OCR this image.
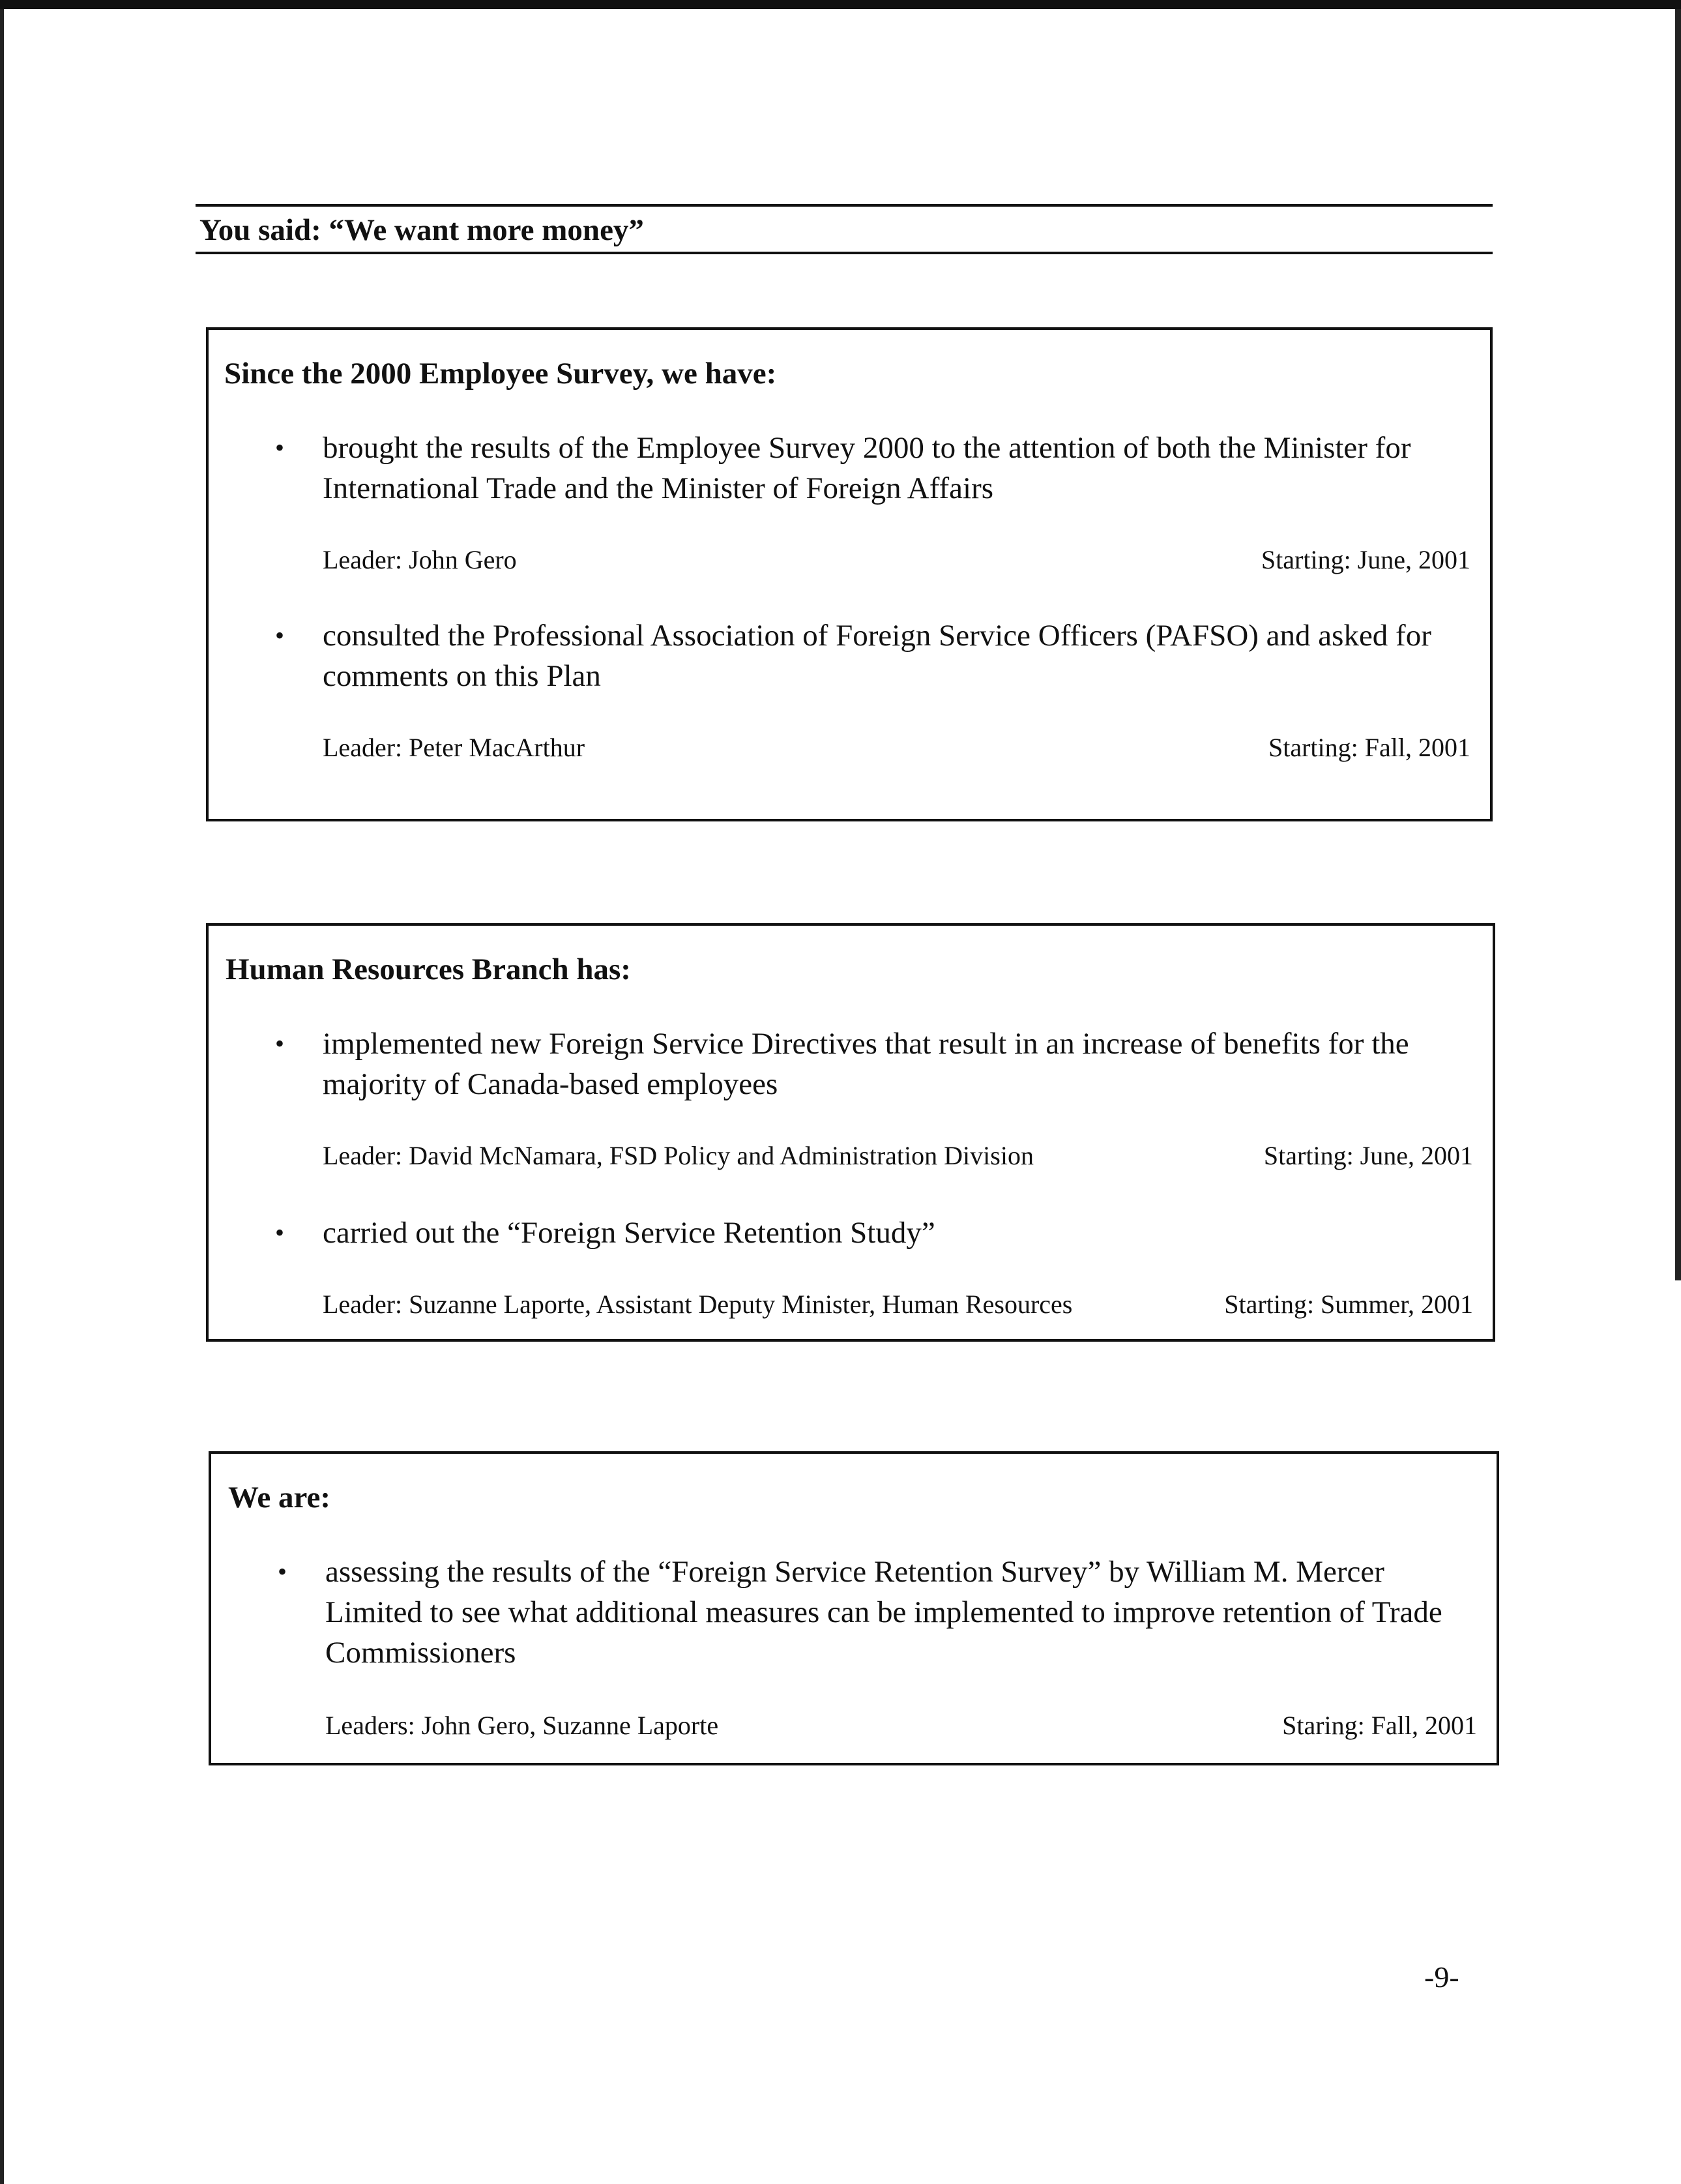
You said: “We want more money”
Since the 2000 Employee Survey, we have:
• brought the results of the Employee Survey 2000 to the attention of both the Minister for International Trade and the Minister of Foreign Affairs

Leader: John Gero	Starting: June, 2001
• consulted the Professional Association of Foreign Service Officers (PAFSO) and asked for comments on this Plan

Leader: Peter MacArthur	Starting: Fall, 2001
Human Resources Branch has:
• implemented new Foreign Service Directives that result in an increase of benefits for the majority of Canada-based employees

Leader: David McNamara, FSD Policy and Administration Division	Starting: June, 2001
• carried out the “Foreign Service Retention Study”

Leader: Suzanne Laporte, Assistant Deputy Minister, Human Resources	Starting: Summer, 2001
We are:
• assessing the results of the “Foreign Service Retention Survey” by William M. Mercer Limited to see what additional measures can be implemented to improve retention of Trade Commissioners

Leaders: John Gero, Suzanne Laporte	Staring: Fall, 2001
-9-
